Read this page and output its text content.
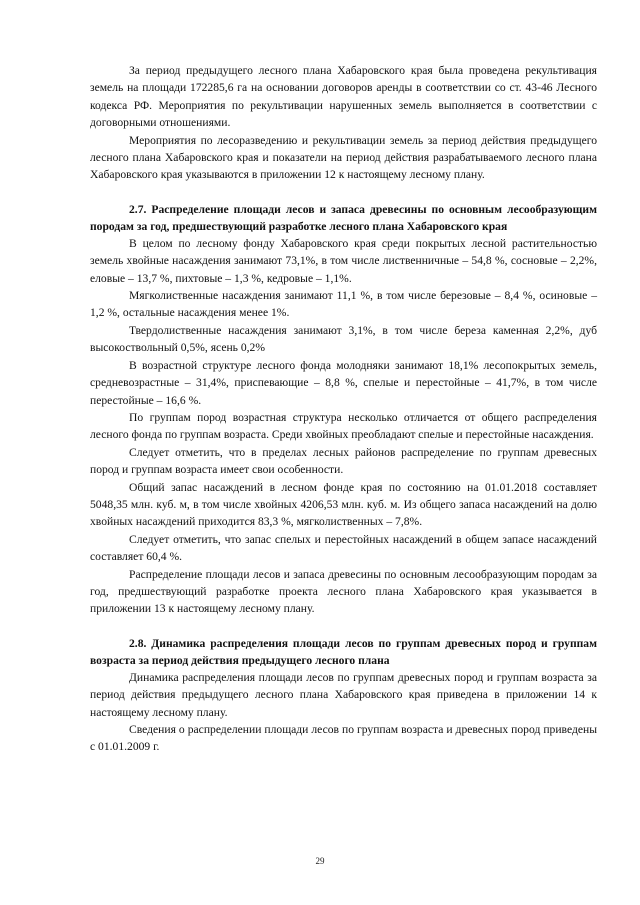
За период предыдущего лесного плана Хабаровского края была проведена рекультивация земель на площади 172285,6 га на основании договоров аренды в соответствии со ст. 43-46 Лесного кодекса РФ. Мероприятия по рекультивации нарушенных земель выполняется в соответствии с договорными отношениями.

Мероприятия по лесоразведению и рекультивации земель за период действия предыдущего лесного плана Хабаровского края и показатели на период действия разрабатываемого лесного плана Хабаровского края указываются в приложении 12 к настоящему лесному плану.

2.7. Распределение площади лесов и запаса древесины по основным лесообразующим породам за год, предшествующий разработке лесного плана Хабаровского края

В целом по лесному фонду Хабаровского края среди покрытых лесной растительностью земель хвойные насаждения занимают 73,1%, в том числе лиственничные – 54,8 %, сосновые – 2,2%, еловые – 13,7 %, пихтовые – 1,3 %, кедровые – 1,1%.

Мягколиственные насаждения занимают 11,1 %, в том числе березовые – 8,4 %, осиновые – 1,2 %, остальные насаждения менее 1%.

Твердолиственные насаждения занимают 3,1%, в том числе береза каменная 2,2%, дуб высокоствольный 0,5%, ясень 0,2%

В возрастной структуре лесного фонда молодняки занимают 18,1% лесопокрытых земель, средневозрастные – 31,4%, приспевающие – 8,8 %, спелые и перестойные – 41,7%, в том числе перестойные – 16,6 %.

По группам пород возрастная структура несколько отличается от общего распределения лесного фонда по группам возраста. Среди хвойных преобладают спелые и перестойные насаждения.

Следует отметить, что в пределах лесных районов распределение по группам древесных пород и группам возраста имеет свои особенности.

Общий запас насаждений в лесном фонде края по состоянию на 01.01.2018 составляет 5048,35 млн. куб. м, в том числе хвойных 4206,53 млн. куб. м. Из общего запаса насаждений на долю хвойных насаждений приходится 83,3 %, мягколиственных – 7,8%.

Следует отметить, что запас спелых и перестойных насаждений в общем запасе насаждений составляет 60,4 %.

Распределение площади лесов и запаса древесины по основным лесообразующим породам за год, предшествующий разработке проекта лесного плана Хабаровского края указывается в приложении 13 к настоящему лесному плану.

2.8. Динамика распределения площади лесов по группам древесных пород и группам возраста за период действия предыдущего лесного плана

Динамика распределения площади лесов по группам древесных пород и группам возраста за период действия предыдущего лесного плана Хабаровского края приведена в приложении 14 к настоящему лесному плану.

Сведения о распределении площади лесов по группам возраста и древесных пород приведены с 01.01.2009 г.

29
